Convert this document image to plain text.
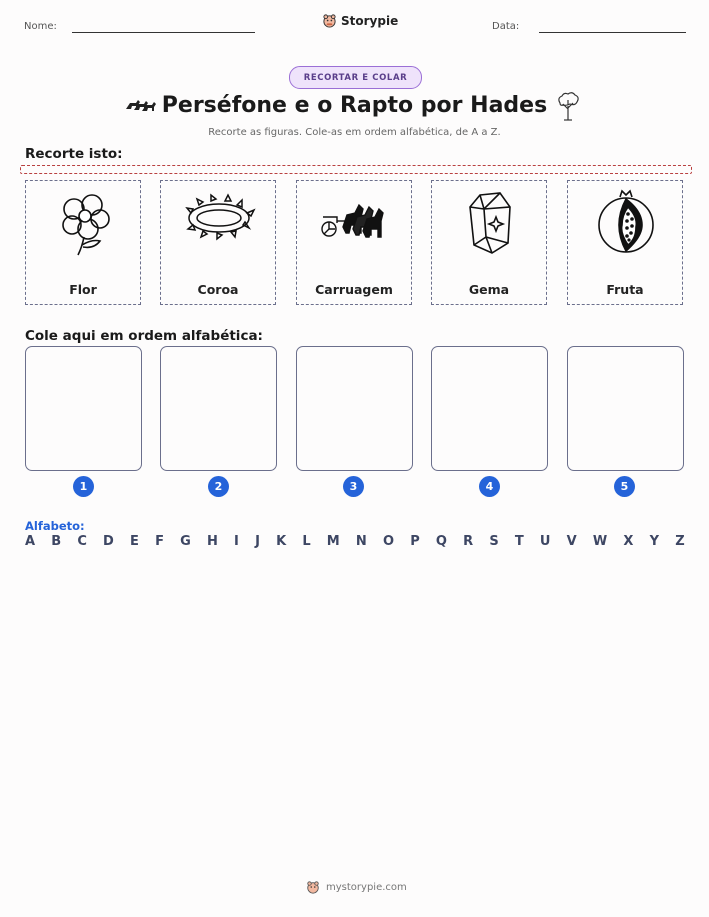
Nome:	Storypie	Data:
RECORTAR E COLAR
Perséfone e o Rapto por Hades
Recorte as figuras. Cole-as em ordem alfabética, de A a Z.
Recorte isto:
Flor	Coroa	Carruagem	Gema	Fruta
Cole aqui em ordem alfabética:
1	2	3	4	5
Alfabeto:
A B C D E F G H I J K L M N O P Q R S T U V W X Y Z
mystorypie.com
